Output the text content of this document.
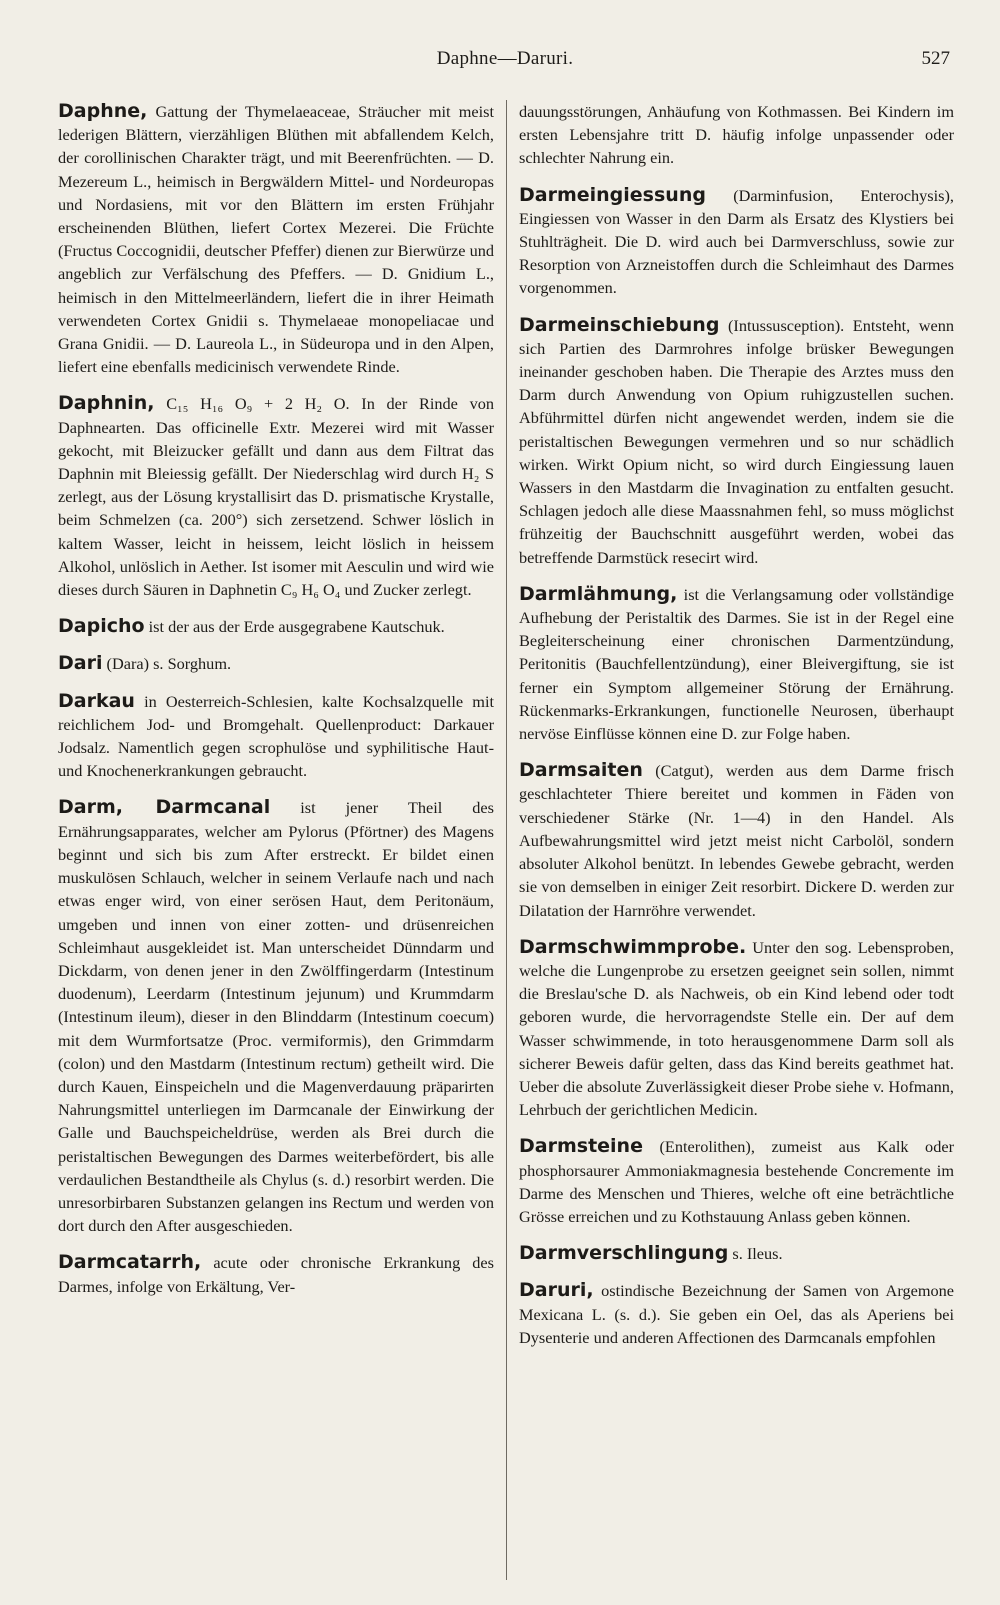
Daphne—Daruri.	527

Daphne, Gattung der Thymelaeaceae, Sträucher mit meist lederigen Blättern, vierzähligen Blüthen mit abfallendem Kelch, der corollinischen Charakter trägt, und mit Beerenfrüchten. — D. Mezereum L., heimisch in Bergwäldern Mittel- und Nordeuropas und Nordasiens, mit vor den Blättern im ersten Frühjahr erscheinenden Blüthen, liefert Cortex Mezerei. Die Früchte (Fructus Coccognidii, deutscher Pfeffer) dienen zur Bierwürze und angeblich zur Verfälschung des Pfeffers. — D. Gnidium L., heimisch in den Mittelmeerländern, liefert die in ihrer Heimath verwendeten Cortex Gnidii s. Thymelaeae monopeliacae und Grana Gnidii. — D. Laureola L., in Südeuropa und in den Alpen, liefert eine ebenfalls medicinisch verwendete Rinde.

Daphnin, C₁₅ H₁₆ O₉ + 2 H₂ O. In der Rinde von Daphnearten. Das officinelle Extr. Mezerei wird mit Wasser gekocht, mit Bleizucker gefällt und dann aus dem Filtrat das Daphnin mit Bleiessig gefällt. Der Niederschlag wird durch H₂ S zerlegt, aus der Lösung krystallisirt das D. prismatische Krystalle, beim Schmelzen (ca. 200°) sich zersetzend. Schwer löslich in kaltem Wasser, leicht in heissem, leicht löslich in heissem Alkohol, unlöslich in Aether. Ist isomer mit Aesculin und wird wie dieses durch Säuren in Daphnetin C₉ H₆ O₄ und Zucker zerlegt.

Dapicho ist der aus der Erde ausgegrabene Kautschuk.

Dari (Dara) s. Sorghum.

Darkau in Oesterreich-Schlesien, kalte Kochsalzquelle mit reichlichem Jod- und Bromgehalt. Quellenproduct: Darkauer Jodsalz. Namentlich gegen scrophulöse und syphilitische Haut- und Knochenerkrankungen gebraucht.

Darm, Darmcanal ist jener Theil des Ernährungsapparates, welcher am Pylorus (Pförtner) des Magens beginnt und sich bis zum After erstreckt. Er bildet einen muskulösen Schlauch, welcher in seinem Verlaufe nach und nach etwas enger wird, von einer serösen Haut, dem Peritonäum, umgeben und innen von einer zotten- und drüsenreichen Schleimhaut ausgekleidet ist. Man unterscheidet Dünndarm und Dickdarm, von denen jener in den Zwölffingerdarm (Intestinum duodenum), Leerdarm (Intestinum jejunum) und Krummdarm (Intestinum ileum), dieser in den Blinddarm (Intestinum coecum) mit dem Wurmfortsatze (Proc. vermiformis), den Grimmdarm (colon) und den Mastdarm (Intestinum rectum) getheilt wird. Die durch Kauen, Einspeicheln und die Magenverdauung präparirten Nahrungsmittel unterliegen im Darmcanale der Einwirkung der Galle und Bauchspeicheldrüse, werden als Brei durch die peristaltischen Bewegungen des Darmes weiterbefördert, bis alle verdaulichen Bestandtheile als Chylus (s. d.) resorbirt werden. Die unresorbirbaren Substanzen gelangen ins Rectum und werden von dort durch den After ausgeschieden.

Darmcatarrh, acute oder chronische Erkrankung des Darmes, infolge von Erkältung, Ver-

dauungsstörungen, Anhäufung von Kothmassen. Bei Kindern im ersten Lebensjahre tritt D. häufig infolge unpassender oder schlechter Nahrung ein.

Darmeingiessung (Darminfusion, Enterochysis), Eingiessen von Wasser in den Darm als Ersatz des Klystiers bei Stuhlträgheit. Die D. wird auch bei Darmverschluss, sowie zur Resorption von Arzneistoffen durch die Schleimhaut des Darmes vorgenommen.

Darmeinschiebung (Intussusception). Entsteht, wenn sich Partien des Darmrohres infolge brüsker Bewegungen ineinander geschoben haben. Die Therapie des Arztes muss den Darm durch Anwendung von Opium ruhigzustellen suchen. Abführmittel dürfen nicht angewendet werden, indem sie die peristaltischen Bewegungen vermehren und so nur schädlich wirken. Wirkt Opium nicht, so wird durch Eingiessung lauen Wassers in den Mastdarm die Invagination zu entfalten gesucht. Schlagen jedoch alle diese Maassnahmen fehl, so muss möglichst frühzeitig der Bauchschnitt ausgeführt werden, wobei das betreffende Darmstück resecirt wird.

Darmlähmung, ist die Verlangsamung oder vollständige Aufhebung der Peristaltik des Darmes. Sie ist in der Regel eine Begleiterscheinung einer chronischen Darmentzündung, Peritonitis (Bauchfellentzündung), einer Bleivergiftung, sie ist ferner ein Symptom allgemeiner Störung der Ernährung. Rückenmarks-Erkrankungen, functionelle Neurosen, überhaupt nervöse Einflüsse können eine D. zur Folge haben.

Darmsaiten (Catgut), werden aus dem Darme frisch geschlachteter Thiere bereitet und kommen in Fäden von verschiedener Stärke (Nr. 1—4) in den Handel. Als Aufbewahrungsmittel wird jetzt meist nicht Carbolöl, sondern absoluter Alkohol benützt. In lebendes Gewebe gebracht, werden sie von demselben in einiger Zeit resorbirt. Dickere D. werden zur Dilatation der Harnröhre verwendet.

Darmschwimmprobe. Unter den sog. Lebensproben, welche die Lungenprobe zu ersetzen geeignet sein sollen, nimmt die Breslau'sche D. als Nachweis, ob ein Kind lebend oder todt geboren wurde, die hervorragendste Stelle ein. Der auf dem Wasser schwimmende, in toto herausgenommene Darm soll als sicherer Beweis dafür gelten, dass das Kind bereits geathmet hat. Ueber die absolute Zuverlässigkeit dieser Probe siehe v. Hofmann, Lehrbuch der gerichtlichen Medicin.

Darmsteine (Enterolithen), zumeist aus Kalk oder phosphorsaurer Ammoniakmagnesia bestehende Concremente im Darme des Menschen und Thieres, welche oft eine beträchtliche Grösse erreichen und zu Kothstauung Anlass geben können.

Darmverschlingung s. Ileus.

Daruri, ostindische Bezeichnung der Samen von Argemone Mexicana L. (s. d.). Sie geben ein Oel, das als Aperiens bei Dysenterie und anderen Affectionen des Darmcanals empfohlen
